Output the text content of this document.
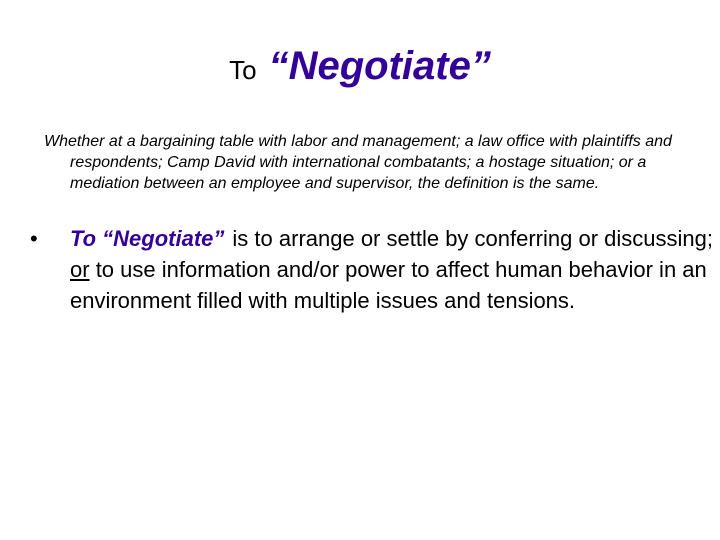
To “Negotiate”

Whether at a bargaining table with labor and management; a law office with plaintiffs and respondents; Camp David with international combatants; a hostage situation; or a mediation between an employee and supervisor, the definition is the same.

• To “Negotiate” is to arrange or settle by conferring or discussing; or to use information and/or power to affect human behavior in an environment filled with multiple issues and tensions.
